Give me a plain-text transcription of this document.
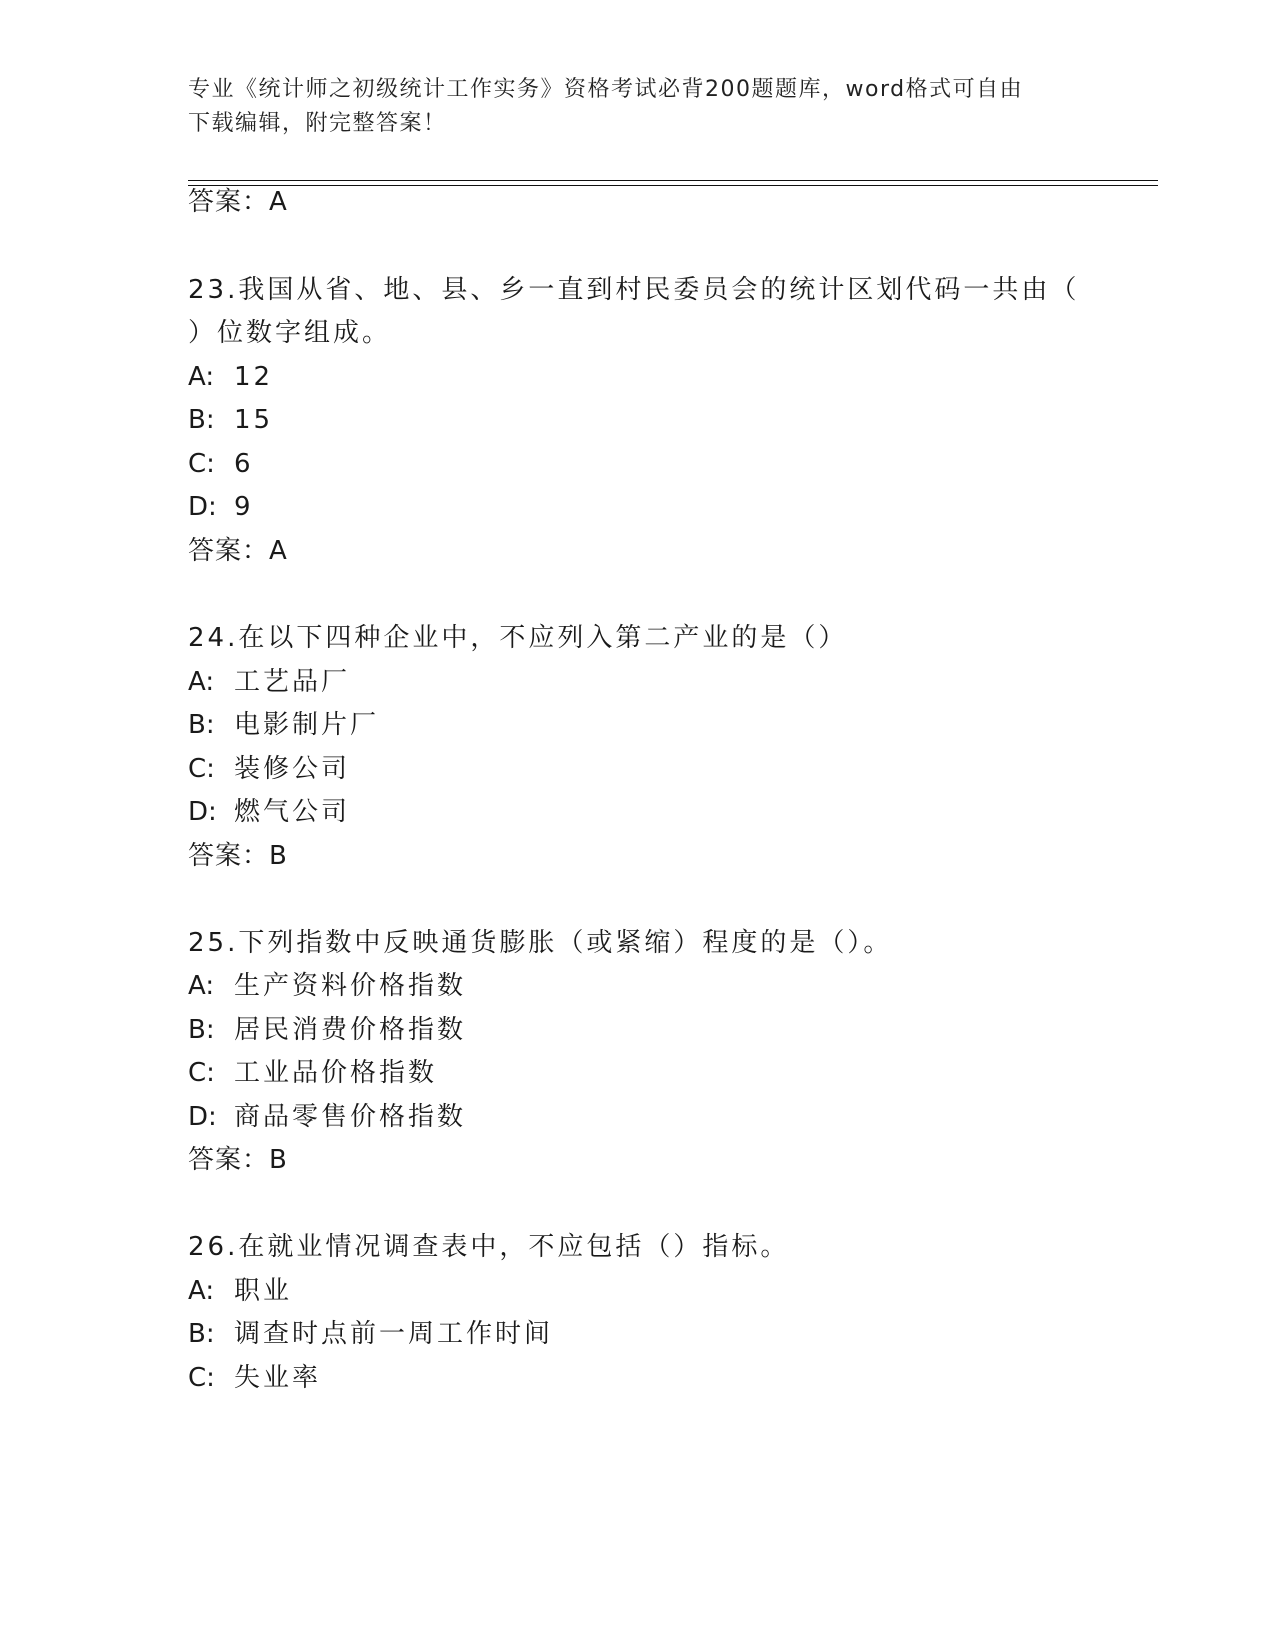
专业《统计师之初级统计工作实务》资格考试必背200题题库，word格式可自由
下载编辑，附完整答案！
答案：A
23.我国从省、地、县、乡一直到村民委员会的统计区划代码一共由（
）位数字组成。
A: 12
B: 15
C: 6
D: 9
答案：A
24.在以下四种企业中，不应列入第二产业的是（）
A: 工艺品厂
B: 电影制片厂
C: 装修公司
D: 燃气公司
答案：B
25.下列指数中反映通货膨胀（或紧缩）程度的是（）。
A: 生产资料价格指数
B: 居民消费价格指数
C: 工业品价格指数
D: 商品零售价格指数
答案：B
26.在就业情况调查表中，不应包括（）指标。
A: 职业
B: 调查时点前一周工作时间
C: 失业率
